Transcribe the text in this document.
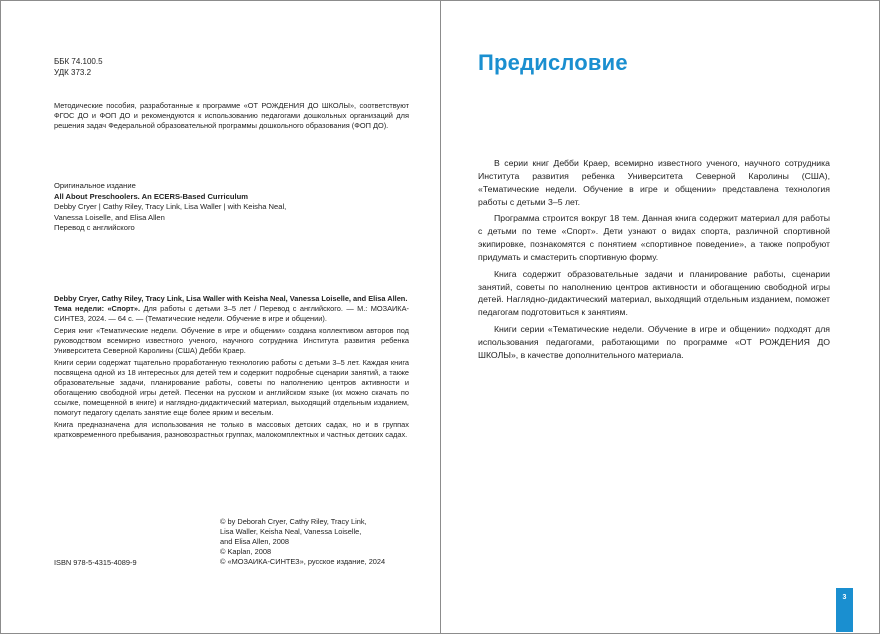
ББК 74.100.5
УДК 373.2
Методические пособия, разработанные к программе «ОТ РОЖДЕНИЯ ДО ШКОЛЫ», соответствуют ФГОС ДО и ФОП ДО и рекомендуются к использованию педагогами дошкольных организаций для решения задач Федеральной образовательной программы дошкольного образования (ФОП ДО).
Оригинальное издание
All About Preschoolers. An ECERS-Based Curriculum
Debby Cryer | Cathy Riley, Tracy Link, Lisa Waller | with Keisha Neal,
Vanessa Loiselle, and Elisa Allen
Перевод с английского
Debby Cryer, Cathy Riley, Tracy Link, Lisa Waller with Keisha Neal, Vanessa Loiselle, and Elisa Allen.
Тема недели: «Спорт». Для работы с детьми 3–5 лет / Перевод с английского. — М.: МОЗАИКА-СИНТЕЗ, 2024. — 64 с. — (Тематические недели. Обучение в игре и общении).
Серия книг «Тематические недели. Обучение в игре и общении» создана коллективом авторов под руководством всемирно известного ученого, научного сотрудника Института развития ребенка Университета Северной Каролины (США) Дебби Краер.
Книги серии содержат тщательно проработанную технологию работы с детьми 3–5 лет. Каждая книга посвящена одной из 18 интересных для детей тем и содержит подробные сценарии занятий, а также образовательные задачи, планирование работы, советы по наполнению центров активности и обогащению свободной игры детей. Песенки на русском и английском языке (их можно скачать по ссылке, помещенной в книге) и наглядно-дидактический материал, выходящий отдельным изданием, помогут педагогу сделать занятие еще более ярким и веселым.
Книга предназначена для использования не только в массовых детских садах, но и в группах кратковременного пребывания, разновозрастных группах, малокомплектных и частных детских садах.
© by Deborah Cryer, Cathy Riley, Tracy Link,
Lisa Waller, Keisha Neal, Vanessa Loiselle,
and Elisa Allen, 2008
© Kaplan, 2008
© «МОЗАИКА-СИНТЕЗ», русское издание, 2024
ISBN 978-5-4315-4089-9
Предисловие

В серии книг Дебби Краер, всемирно известного ученого, научного сотрудника Института развития ребенка Университета Северной Каролины (США), «Тематические недели. Обучение в игре и общении» представлена технология работы с детьми 3–5 лет.

Программа строится вокруг 18 тем. Данная книга содержит материал для работы с детьми по теме «Спорт». Дети узнают о видах спорта, различной спортивной экипировке, познакомятся с понятием «спортивное поведение», а также попробуют придумать и смастерить спортивную форму.

Книга содержит образовательные задачи и планирование работы, сценарии занятий, советы по наполнению центров активности и обогащению свободной игры детей. Наглядно-дидактический материал, выходящий отдельным изданием, поможет педагогам подготовиться к занятиям.

Книги серии «Тематические недели. Обучение в игре и общении» подходят для использования педагогами, работающими по программе «ОТ РОЖДЕНИЯ ДО ШКОЛЫ», в качестве дополнительного материала.

3
